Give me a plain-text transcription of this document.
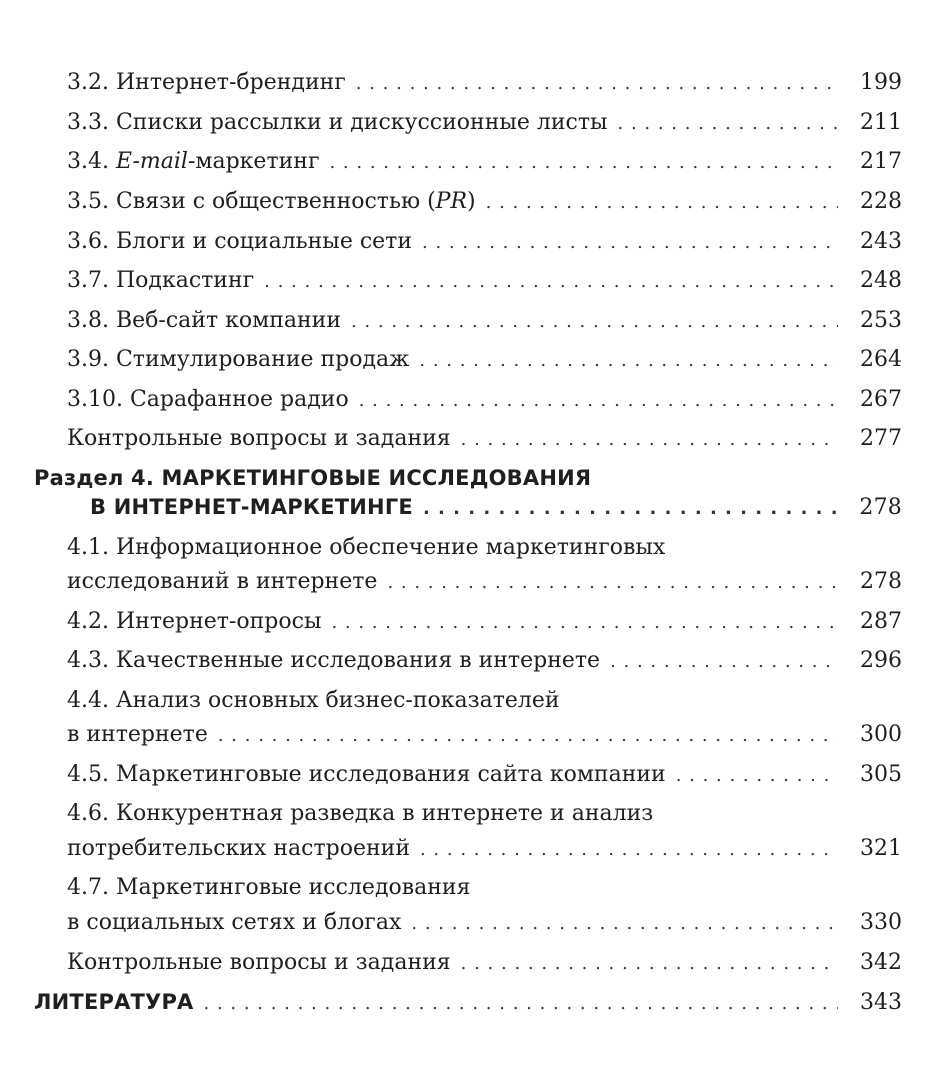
3.2. Интернет-брендинг . . .	199
3.3. Списки рассылки и дискуссионные листы . . .	211
3.4. E-mail-маркетинг . . .	217
3.5. Связи с общественностью (PR) . . .	228
3.6. Блоги и социальные сети . . .	243
3.7. Подкастинг . . .	248
3.8. Веб-сайт компании . . .	253
3.9. Стимулирование продаж . . .	264
3.10. Сарафанное радио . . .	267
Контрольные вопросы и задания . . .	277
Раздел 4. МАРКЕТИНГОВЫЕ ИССЛЕДОВАНИЯ
В ИНТЕРНЕТ-МАРКЕТИНГЕ . . .	278
4.1. Информационное обеспечение маркетинговых
исследований в интернете . . .	278
4.2. Интернет-опросы . . .	287
4.3. Качественные исследования в интернете . . .	296
4.4. Анализ основных бизнес-показателей
в интернете . . .	300
4.5. Маркетинговые исследования сайта компании . . .	305
4.6. Конкурентная разведка в интернете и анализ
потребительских настроений . . .	321
4.7. Маркетинговые исследования
в социальных сетях и блогах . . .	330
Контрольные вопросы и задания . . .	342
ЛИТЕРАТУРА . . .	343
